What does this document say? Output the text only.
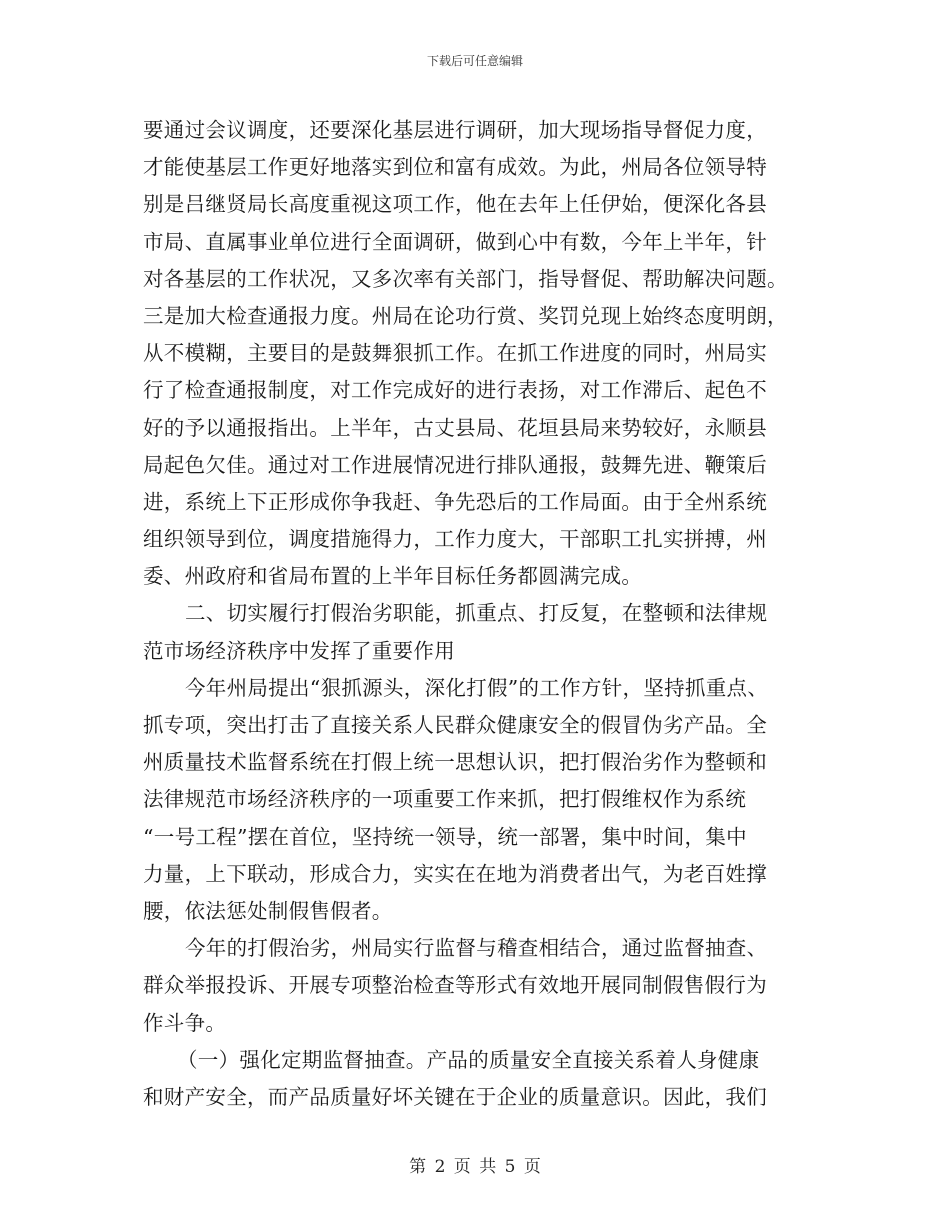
下载后可任意编辑
要通过会议调度，还要深化基层进行调研，加大现场指导督促力度，
才能使基层工作更好地落实到位和富有成效。为此，州局各位领导特
别是吕继贤局长高度重视这项工作，他在去年上任伊始，便深化各县
市局、直属事业单位进行全面调研，做到心中有数，今年上半年，针
对各基层的工作状况，又多次率有关部门，指导督促、帮助解决问题。
三是加大检查通报力度。州局在论功行赏、奖罚兑现上始终态度明朗，
从不模糊，主要目的是鼓舞狠抓工作。在抓工作进度的同时，州局实
行了检查通报制度，对工作完成好的进行表扬，对工作滞后、起色不
好的予以通报指出。上半年，古丈县局、花垣县局来势较好，永顺县
局起色欠佳。通过对工作进展情况进行排队通报，鼓舞先进、鞭策后
进，系统上下正形成你争我赶、争先恐后的工作局面。由于全州系统
组织领导到位，调度措施得力，工作力度大，干部职工扎实拼搏，州
委、州政府和省局布置的上半年目标任务都圆满完成。
二、切实履行打假治劣职能，抓重点、打反复，在整顿和法律规
范市场经济秩序中发挥了重要作用
今年州局提出“狠抓源头，深化打假”的工作方针，坚持抓重点、
抓专项，突出打击了直接关系人民群众健康安全的假冒伪劣产品。全
州质量技术监督系统在打假上统一思想认识，把打假治劣作为整顿和
法律规范市场经济秩序的一项重要工作来抓，把打假维权作为系统
“一号工程”摆在首位，坚持统一领导，统一部署，集中时间，集中
力量，上下联动，形成合力，实实在在地为消费者出气，为老百姓撑
腰，依法惩处制假售假者。
今年的打假治劣，州局实行监督与稽查相结合，通过监督抽查、
群众举报投诉、开展专项整治检查等形式有效地开展同制假售假行为
作斗争。
（一）强化定期监督抽查。产品的质量安全直接关系着人身健康
和财产安全，而产品质量好坏关键在于企业的质量意识。因此，我们
第 2 页 共 5 页
